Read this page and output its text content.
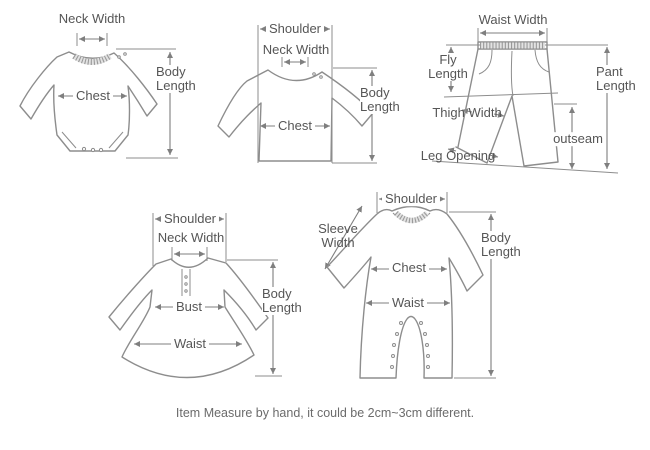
Neck Width
Chest
Body Length
Shoulder
Neck Width
Chest
Body Length
Waist Width
Fly Length	Pant Length
Thigh Width
outseam
Leg Opening
Shoulder
Neck Width
Bust
Waist
Body Length
Shoulder
Sleeve Width	Body Length
Chest
Waist
Item Measure by hand, it could be 2cm~3cm different.
